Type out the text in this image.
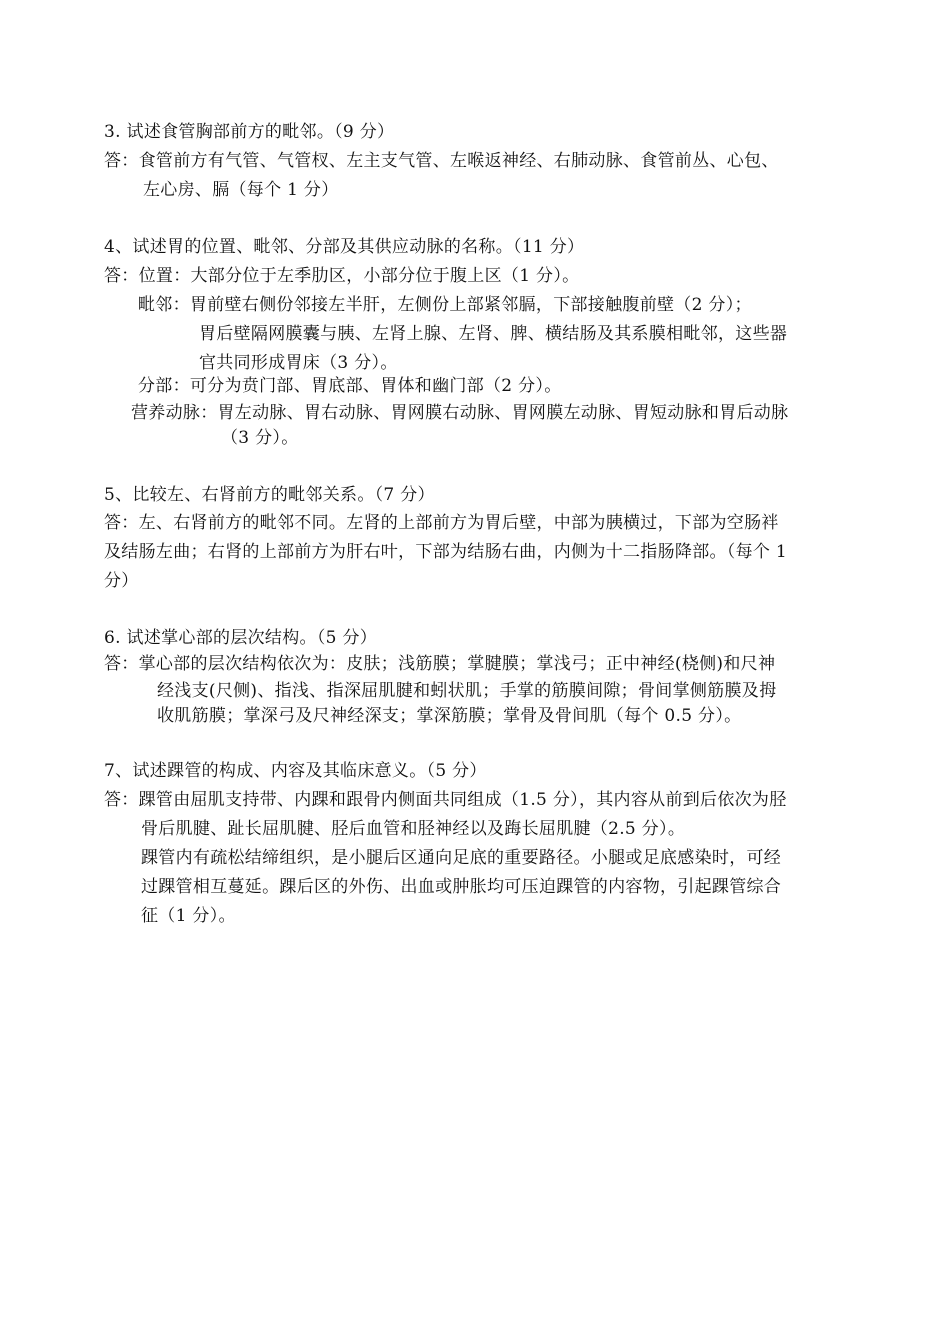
3. 试述食管胸部前方的毗邻。（9 分）
答：食管前方有气管、气管杈、左主支气管、左喉返神经、右肺动脉、食管前丛、心包、
左心房、膈（每个 1 分）
4、试述胃的位置、毗邻、分部及其供应动脉的名称。（11 分）
答：位置：大部分位于左季肋区，小部分位于腹上区（1 分）。
毗邻：胃前壁右侧份邻接左半肝，左侧份上部紧邻膈，下部接触腹前壁（2 分）；
胃后壁隔网膜囊与胰、左肾上腺、左肾、脾、横结肠及其系膜相毗邻，这些器
官共同形成胃床（3 分）。
分部：可分为贲门部、胃底部、胃体和幽门部（2 分）。
营养动脉：胃左动脉、胃右动脉、胃网膜右动脉、胃网膜左动脉、胃短动脉和胃后动脉
（3 分）。
5、比较左、右肾前方的毗邻关系。（7 分）
答：左、右肾前方的毗邻不同。左肾的上部前方为胃后壁，中部为胰横过，下部为空肠袢
及结肠左曲；右肾的上部前方为肝右叶，下部为结肠右曲，内侧为十二指肠降部。（每个 1
分）
6. 试述掌心部的层次结构。（5 分）
答：掌心部的层次结构依次为：皮肤；浅筋膜；掌腱膜；掌浅弓；正中神经(桡侧)和尺神
经浅支(尺侧)、指浅、指深屈肌腱和蚓状肌；手掌的筋膜间隙；骨间掌侧筋膜及拇
收肌筋膜；掌深弓及尺神经深支；掌深筋膜；掌骨及骨间肌（每个 0.5 分）。
7、试述踝管的构成、内容及其临床意义。（5 分）
答：踝管由屈肌支持带、内踝和跟骨内侧面共同组成（1.5 分），其内容从前到后依次为胫
骨后肌腱、趾长屈肌腱、胫后血管和胫神经以及踇长屈肌腱（2.5 分）。
踝管内有疏松结缔组织，是小腿后区通向足底的重要路径。小腿或足底感染时，可经
过踝管相互蔓延。踝后区的外伤、出血或肿胀均可压迫踝管的内容物，引起踝管综合
征（1 分）。
